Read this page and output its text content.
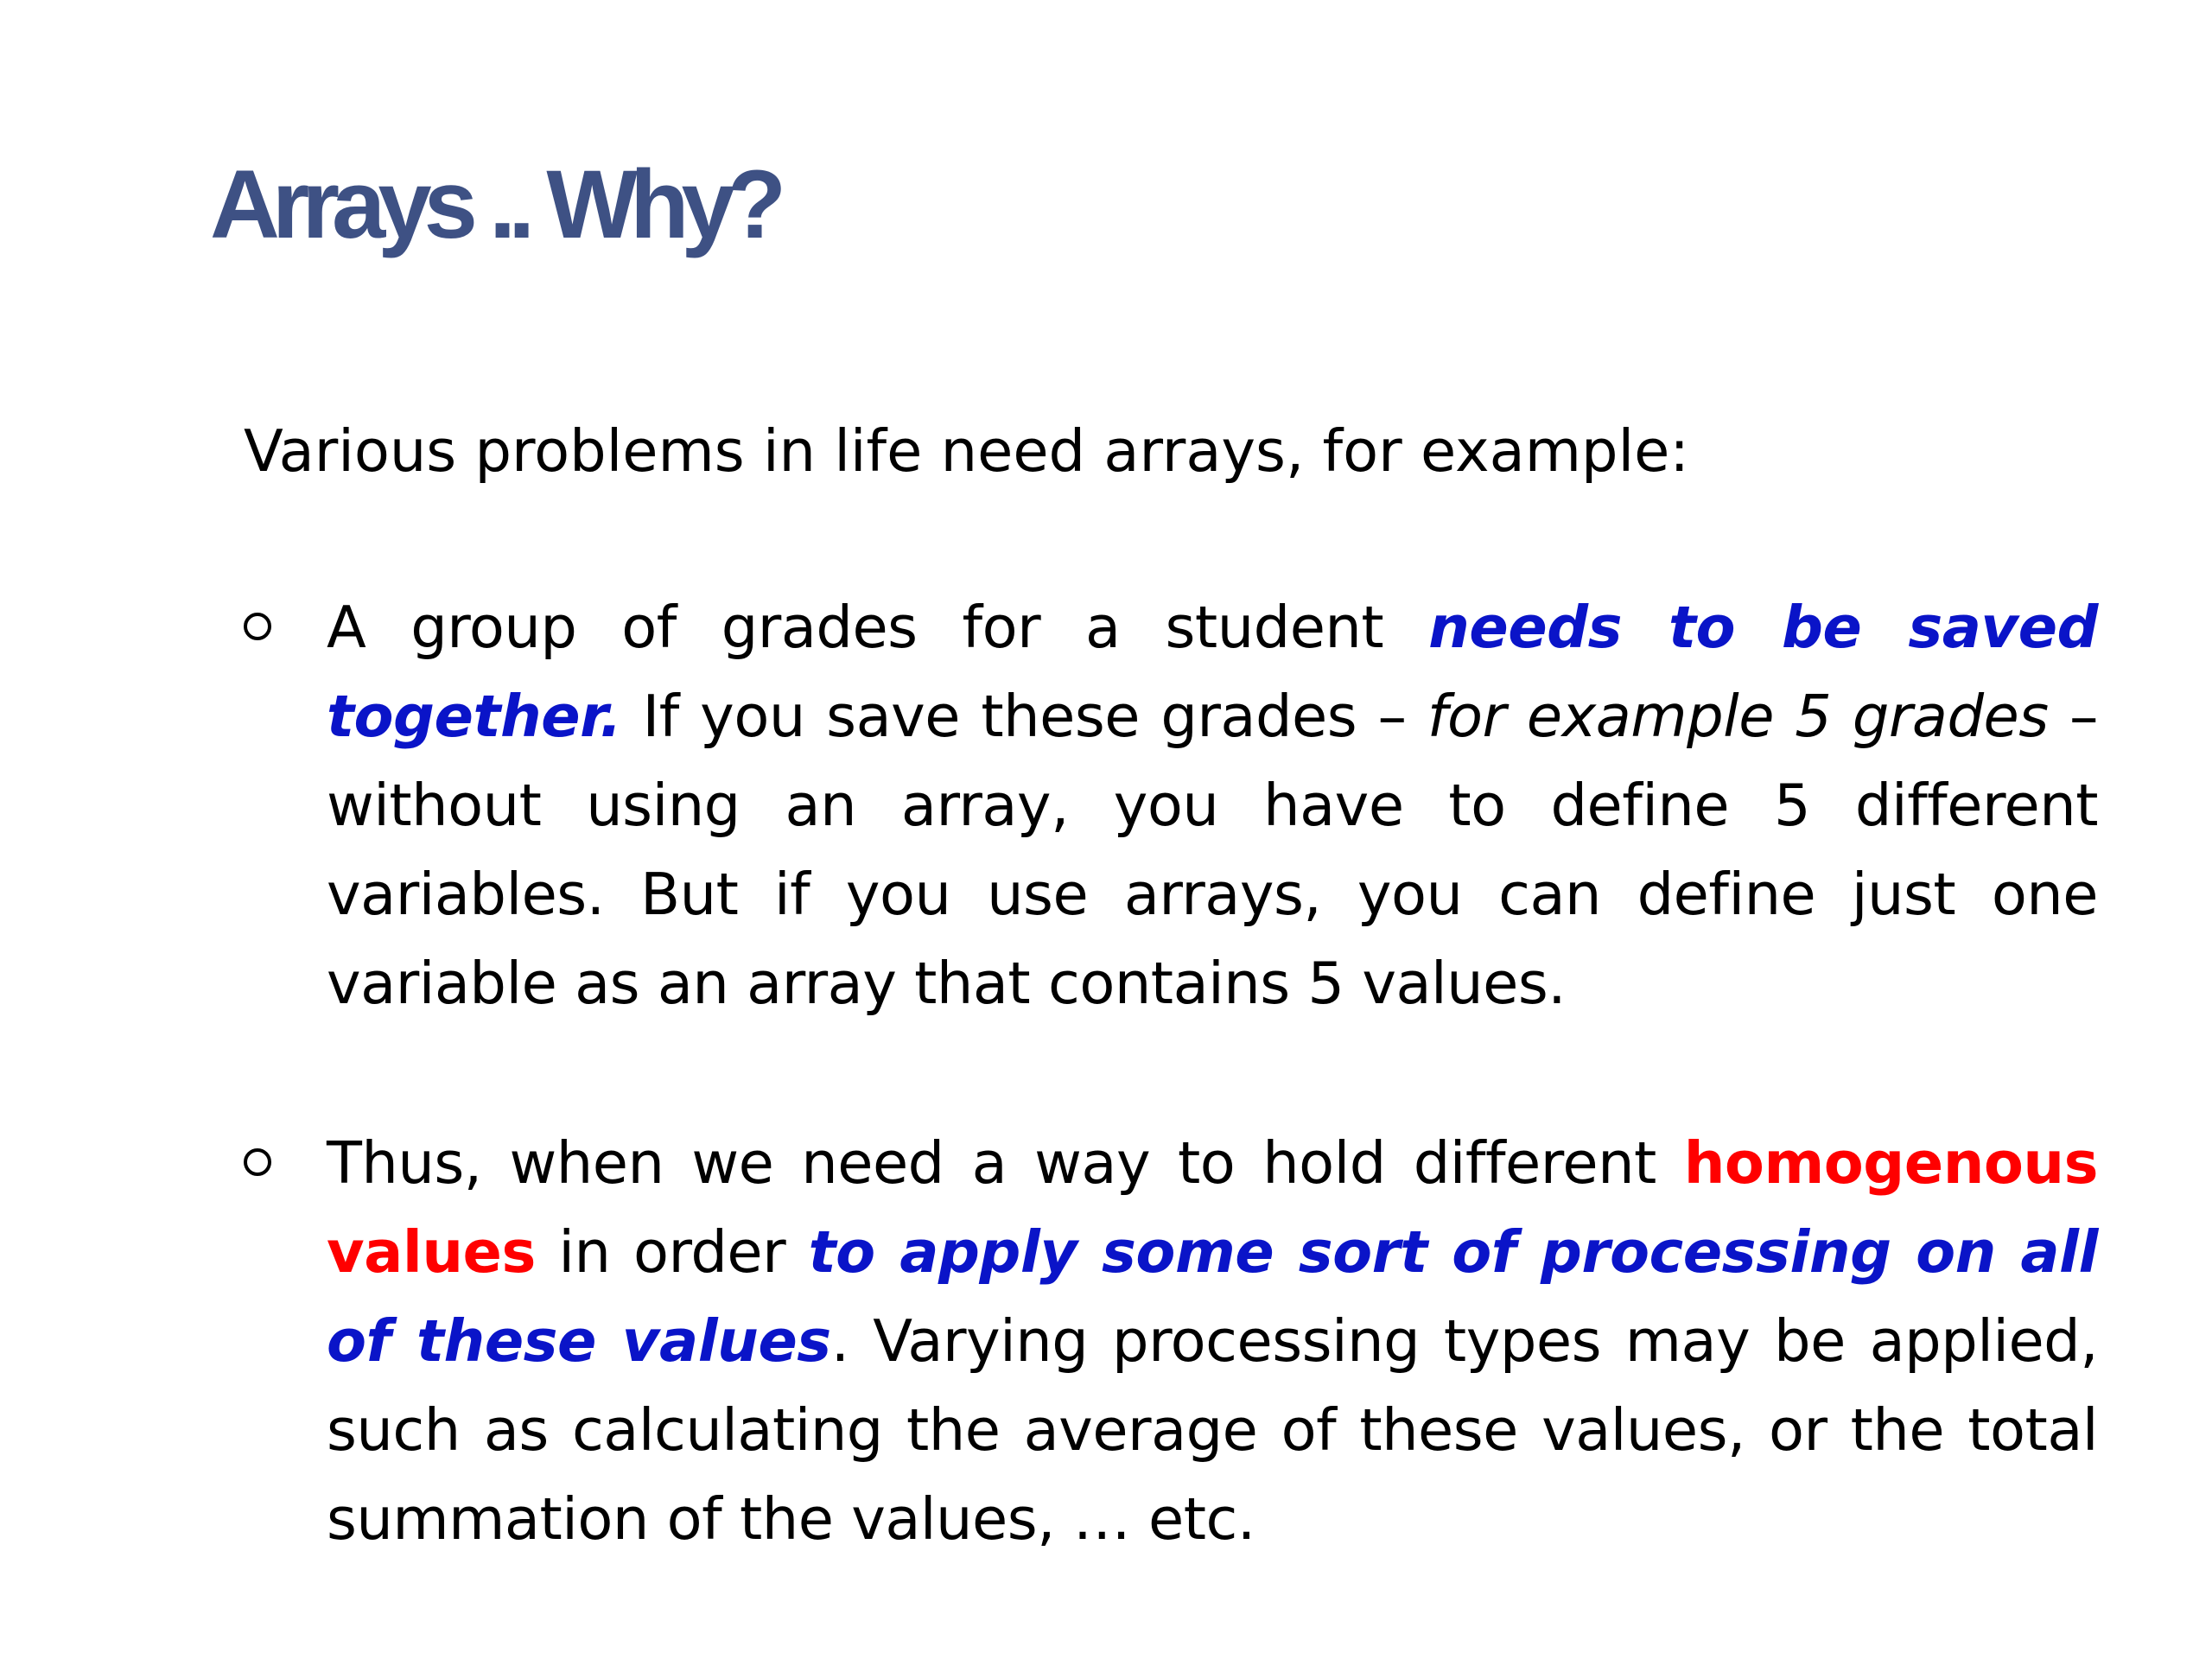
Arrays .. Why?

Various problems in life need arrays, for example:

A group of grades for a student needs to be saved together. If you save these grades – for example 5 grades – without using an array, you have to define 5 different variables. But if you use arrays, you can define just one variable as an array that contains 5 values.

Thus, when we need a way to hold different homogenous values in order to apply some sort of processing on all of these values. Varying processing types may be applied, such as calculating the average of these values, or the total summation of the values, … etc.
